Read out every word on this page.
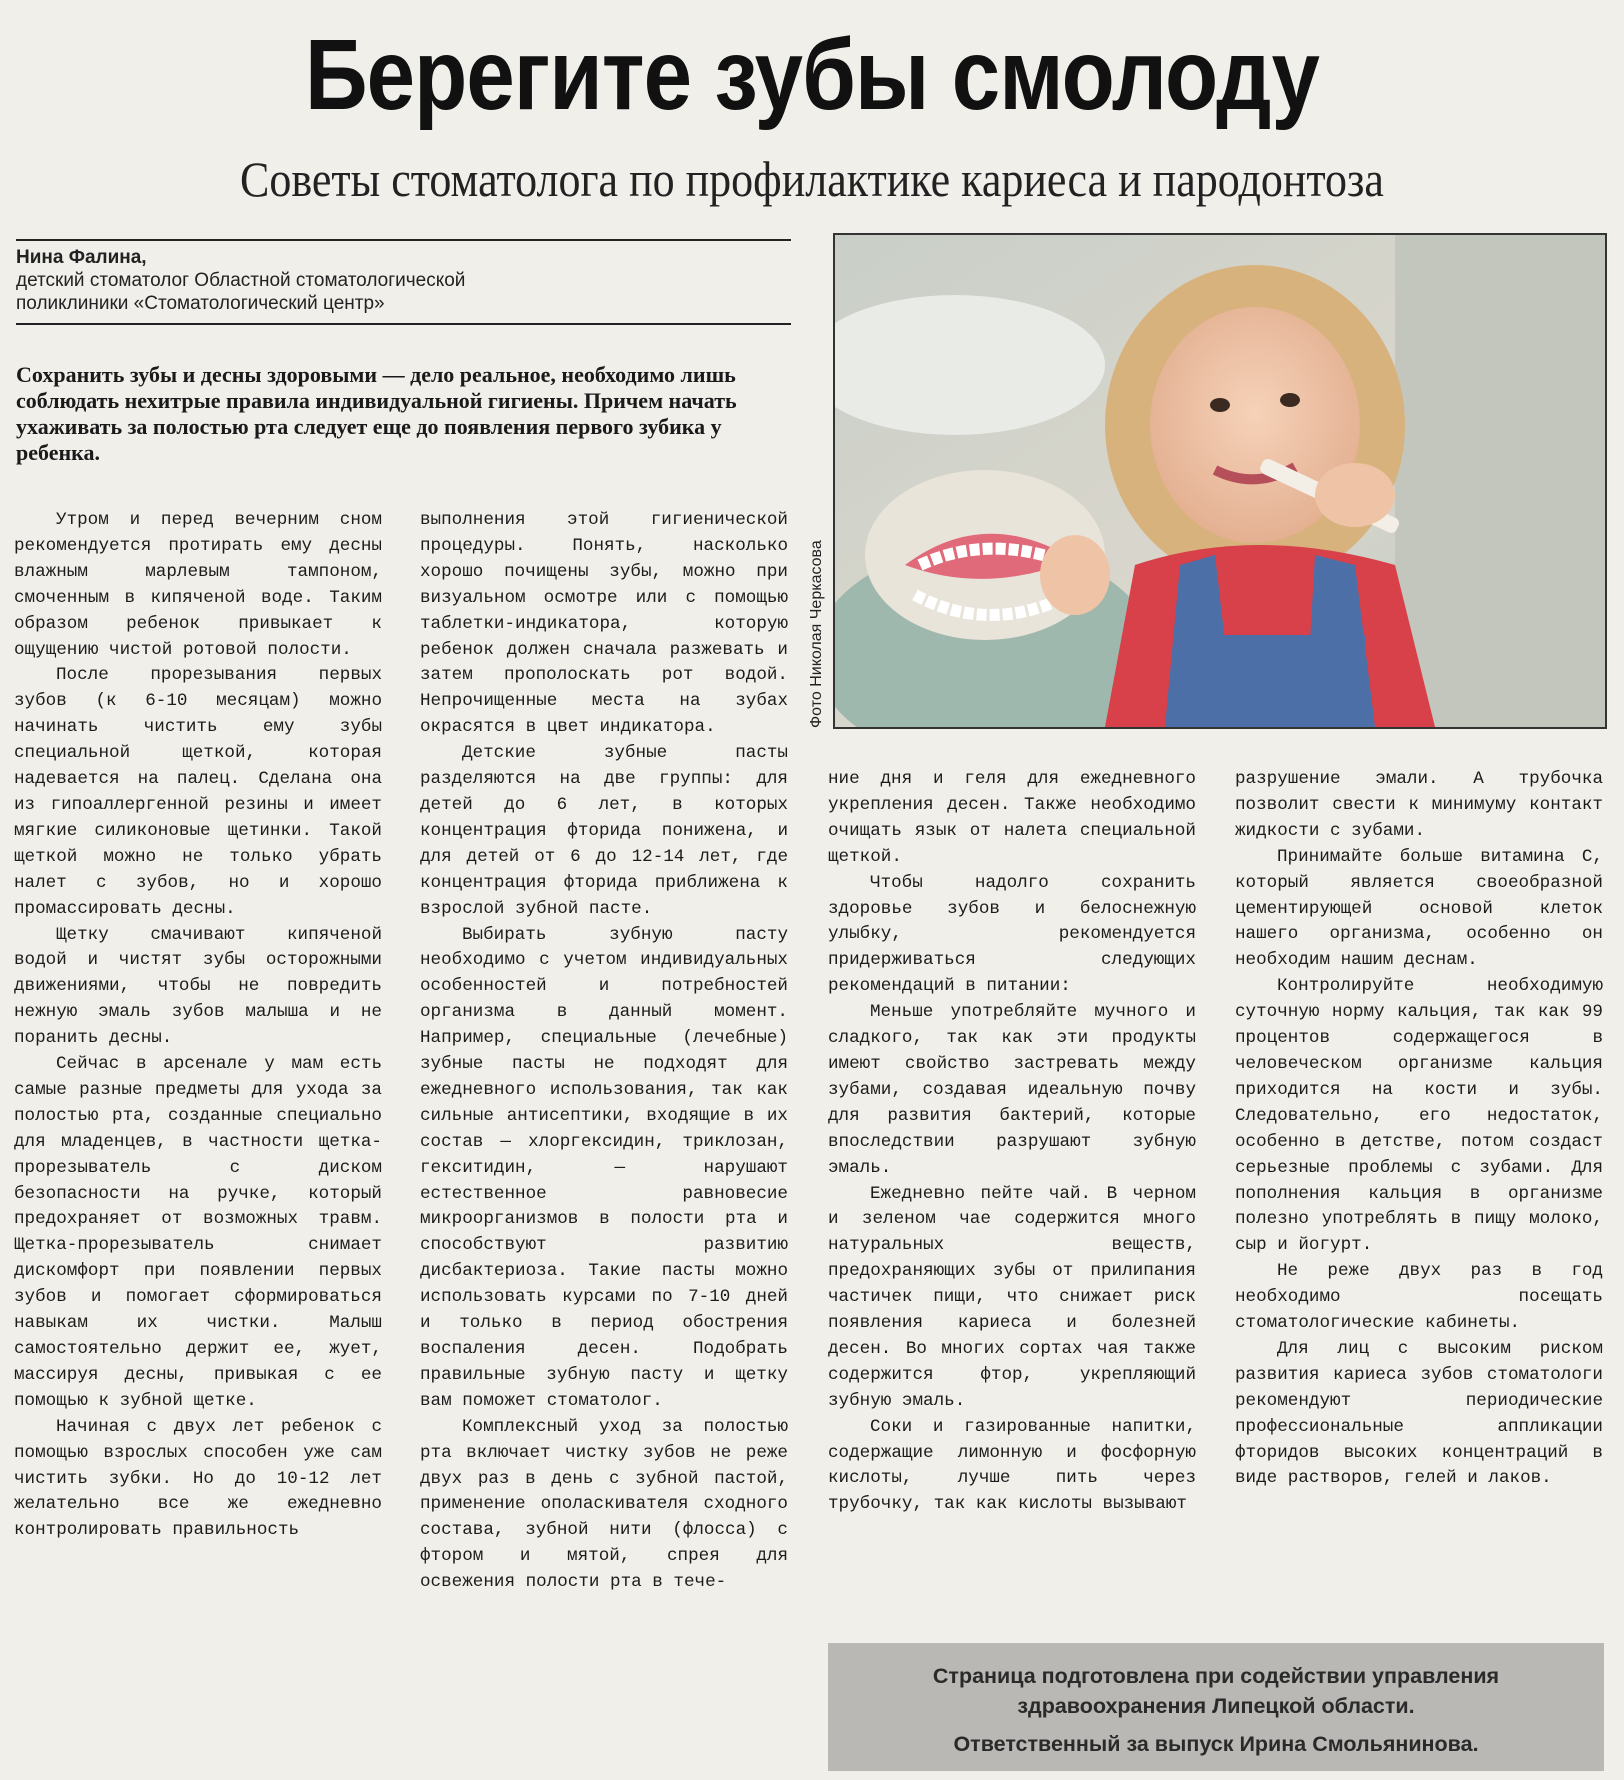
Берегите зубы смолоду
Советы стоматолога по профилактике кариеса и пародонтоза
Нина Фалина,
детский стоматолог Областной стоматологической
поликлиники «Стоматологический центр»
Сохранить зубы и десны здоровыми — дело реальное, необходимо лишь соблюдать нехитрые правила индивидуальной гигиены. Причем начать ухаживать за полостью рта следует еще до появления первого зубика у ребенка.

Утром и перед вечерним сном рекомендуется протирать ему десны влажным марлевым тампоном, смоченным в кипяченой воде. Таким образом ребенок привыкает к ощущению чистой ротовой полости.

После прорезывания первых зубов (к 6-10 месяцам) можно начинать чистить ему зубы специальной щеткой, которая надевается на палец. Сделана она из гипоаллергенной резины и имеет мягкие силиконовые щетинки. Такой щеткой можно не только убрать налет с зубов, но и хорошо промассировать десны.

Щетку смачивают кипяченой водой и чистят зубы осторожными движениями, чтобы не повредить нежную эмаль зубов малыша и не поранить десны.

Сейчас в арсенале у мам есть самые разные предметы для ухода за полостью рта, созданные специально для младенцев, в частности щетка-прорезыватель с диском безопасности на ручке, который предохраняет от возможных травм. Щетка-прорезыватель снимает дискомфорт при появлении первых зубов и помогает сформироваться навыкам их чистки. Малыш самостоятельно держит ее, жует, массируя десны, привыкая с ее помощью к зубной щетке.

Начиная с двух лет ребенок с помощью взрослых способен уже сам чистить зубки. Но до 10-12 лет желательно все же ежедневно контролировать правильность

выполнения этой гигиенической процедуры. Понять, насколько хорошо почищены зубы, можно при визуальном осмотре или с помощью таблетки-индикатора, которую ребенок должен сначала разжевать и затем прополоскать рот водой. Непрочищенные места на зубах окрасятся в цвет индикатора.

Детские зубные пасты разделяются на две группы: для детей до 6 лет, в которых концентрация фторида понижена, и для детей от 6 до 12-14 лет, где концентрация фторида приближена к взрослой зубной пасте.

Выбирать зубную пасту необходимо с учетом индивидуальных особенностей и потребностей организма в данный момент. Например, специальные (лечебные) зубные пасты не подходят для ежедневного использования, так как сильные антисептики, входящие в их состав — хлоргексидин, триклозан, гекситидин, — нарушают естественное равновесие микроорганизмов в полости рта и способствуют развитию дисбактериоза. Такие пасты можно использовать курсами по 7-10 дней и только в период обострения воспаления десен. Подобрать правильные зубную пасту и щетку вам поможет стоматолог.

Комплексный уход за полостью рта включает чистку зубов не реже двух раз в день с зубной пастой, применение ополаскивателя сходного состава, зубной нити (флосса) с фтором и мятой, спрея для освежения полости рта в тече-

Фото Николая Черкасова

ние дня и геля для ежедневного укрепления десен. Также необходимо очищать язык от налета специальной щеткой.

Чтобы надолго сохранить здоровье зубов и белоснежную улыбку, рекомендуется придерживаться следующих рекомендаций в питании:

Меньше употребляйте мучного и сладкого, так как эти продукты имеют свойство застревать между зубами, создавая идеальную почву для развития бактерий, которые впоследствии разрушают зубную эмаль.

Ежедневно пейте чай. В черном и зеленом чае содержится много натуральных веществ, предохраняющих зубы от прилипания частичек пищи, что снижает риск появления кариеса и болезней десен. Во многих сортах чая также содержится фтор, укрепляющий зубную эмаль.

Соки и газированные напитки, содержащие лимонную и фосфорную кислоты, лучше пить через трубочку, так как кислоты вызывают

разрушение эмали. А трубочка позволит свести к минимуму контакт жидкости с зубами.

Принимайте больше витамина С, который является своеобразной цементирующей основой клеток нашего организма, особенно он необходим нашим деснам.

Контролируйте необходимую суточную норму кальция, так как 99 процентов содержащегося в человеческом организме кальция приходится на кости и зубы. Следовательно, его недостаток, особенно в детстве, потом создаст серьезные проблемы с зубами. Для пополнения кальция в организме полезно употреблять в пищу молоко, сыр и йогурт.

Не реже двух раз в год необходимо посещать стоматологические кабинеты.

Для лиц с высоким риском развития кариеса зубов стоматологи рекомендуют периодические профессиональные аппликации фторидов высоких концентраций в виде растворов, гелей и лаков.

Страница подготовлена при содействии управления
здравоохранения Липецкой области.
Ответственный за выпуск Ирина Смольянинова.
